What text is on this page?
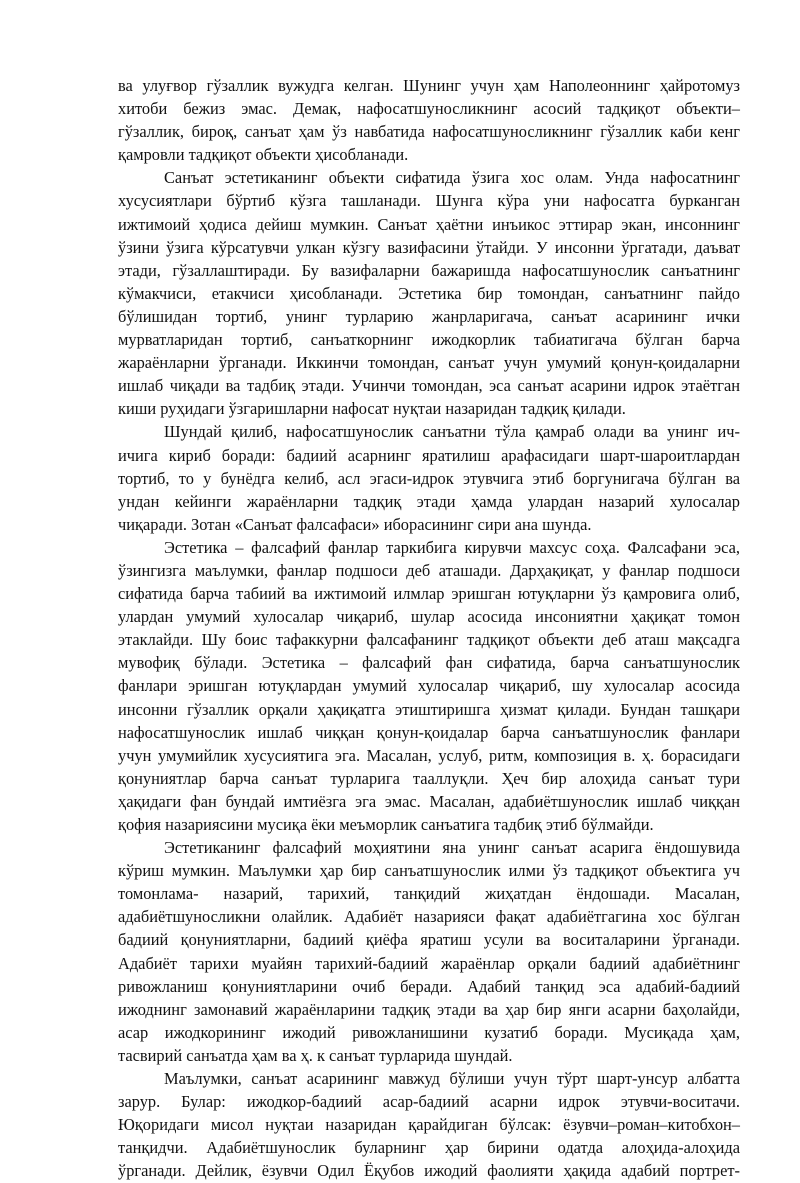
ва улуғвор гўзаллик вужудга келган. Шунинг учун ҳам Наполеоннинг ҳайротомуз
хитоби бежиз эмас. Демак, нафосатшуносликнинг асосий тадқиқот объекти–
гўзаллик, бироқ, санъат ҳам ўз навбатида нафосатшуносликнинг гўзаллик каби кенг
қамровли тадқиқот объекти ҳисобланади.
Санъат эстетиканинг объекти сифатида ўзига хос олам. Унда нафосатнинг
хусусиятлари бўртиб кўзга ташланади. Шунга кўра уни нафосатга бурканган
ижтимоий ҳодиса дейиш мумкин. Санъат ҳаётни инъикос эттирар экан, инсоннинг
ўзини ўзига кўрсатувчи улкан кўзгу вазифасини ўтайди. У инсонни ўргатади, даъват
этади, гўзаллаштиради. Бу вазифаларни бажаришда нафосатшунослик санъатнинг
кўмакчиси, етакчиси ҳисобланади. Эстетика бир томондан, санъатнинг пайдо
бўлишидан тортиб, унинг турларию жанрларигача, санъат асарининг ички
мурватларидан тортиб, санъаткорнинг ижодкорлик табиатигача бўлган барча
жараёнларни ўрганади. Иккинчи томондан, санъат учун умумий қонун-қоидаларни
ишлаб чиқади ва тадбиқ этади. Учинчи томондан, эса санъат асарини идрок этаётган
киши руҳидаги ўзгаришларни нафосат нуқтаи назаридан тадқиқ қилади.
Шундай қилиб, нафосатшунослик санъатни тўла қамраб олади ва унинг ич-
ичига кириб боради: бадиий асарнинг яратилиш арафасидаги шарт-шароитлардан
тортиб, то у бунёдга келиб, асл эгаси-идрок этувчига этиб боргунигача бўлган ва
ундан кейинги жараёнларни тадқиқ этади ҳамда улардан назарий хулосалар
чиқаради. Зотан «Санъат фалсафаси» иборасининг сири ана шунда.
Эстетика – фалсафий фанлар таркибига кирувчи махсус соҳа. Фалсафани эса,
ўзингизга маълумки, фанлар подшоси деб аташади. Дарҳақиқат, у фанлар подшоси
сифатида барча табиий ва ижтимоий илмлар эришган ютуқларни ўз қамровига олиб,
улардан умумий хулосалар чиқариб, шулар асосида инсониятни ҳақиқат томон
этаклайди. Шу боис тафаккурни фалсафанинг тадқиқот объекти деб аташ мақсадга
мувофиқ бўлади. Эстетика – фалсафий фан сифатида, барча санъатшунослик
фанлари эришган ютуқлардан умумий хулосалар чиқариб, шу хулосалар асосида
инсонни гўзаллик орқали ҳақиқатга этиштиришга ҳизмат қилади. Бундан ташқари
нафосатшунослик ишлаб чиққан қонун-қоидалар барча санъатшунослик фанлари
учун умумийлик хусусиятига эга. Масалан, услуб, ритм, композиция в. ҳ. борасидаги
қонуниятлар барча санъат турларига тааллуқли. Ҳеч бир алоҳида санъат тури
ҳақидаги фан бундай имтиёзга эга эмас. Масалан, адабиётшунослик ишлаб чиққан
қофия назариясини мусиқа ёки меъморлик санъатига тадбиқ этиб бўлмайди.
Эстетиканинг фалсафий моҳиятини яна унинг санъат асарига ёндошувида
кўриш мумкин. Маълумки ҳар бир санъатшунослик илми ўз тадқиқот объектига уч
томонлама- назарий, тарихий, танқидий жиҳатдан ёндошади. Масалан,
адабиётшуносликни олайлик. Адабиёт назарияси фақат адабиётгагина хос бўлган
бадиий қонуниятларни, бадиий қиёфа яратиш усули ва воситаларини ўрганади.
Адабиёт тарихи муайян тарихий-бадиий жараёнлар орқали бадиий адабиётнинг
ривожланиш қонуниятларини очиб беради. Адабий танқид эса адабий-бадиий
ижоднинг замонавий жараёнларини тадқиқ этади ва ҳар бир янги асарни баҳолайди,
асар ижодкорининг ижодий ривожланишини кузатиб боради. Мусиқада ҳам,
тасвирий санъатда ҳам ва ҳ. к санъат турларида шундай.
Маълумки, санъат асарининг мавжуд бўлиши учун тўрт шарт-унсур албатта
зарур. Булар: ижодкор-бадиий асар-бадиий асарни идрок этувчи-воситачи.
Юқоридаги мисол нуқтаи назаридан қарайдиган бўлсак: ёзувчи–роман–китобхон–
танқидчи. Адабиётшунослик буларнинг ҳар бирини одатда алоҳида-алоҳида
ўрганади. Дейлик, ёзувчи Одил Ёқубов ижодий фаолияти ҳақида адабий портрет-
